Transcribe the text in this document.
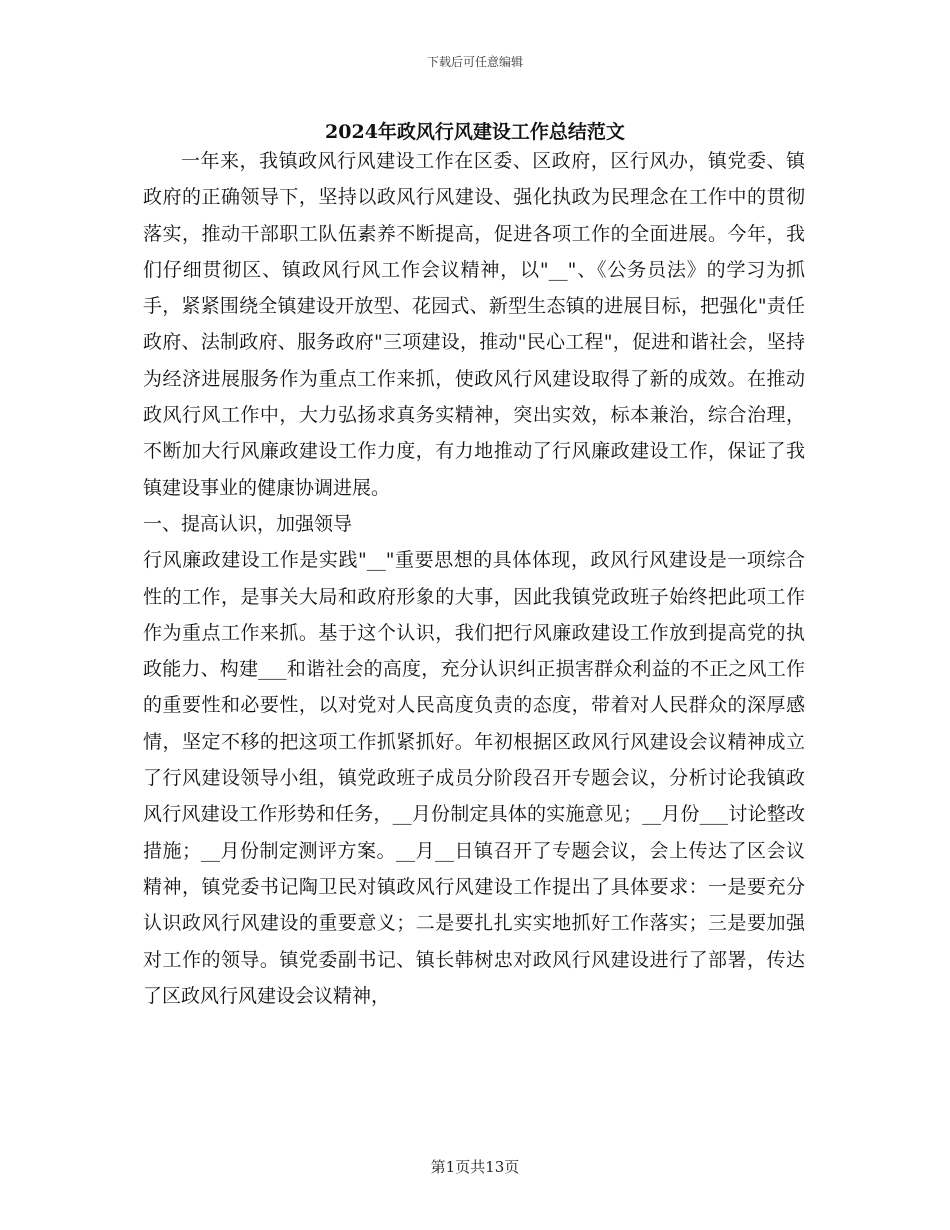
下载后可任意编辑
2024年政风行风建设工作总结范文

一年来，我镇政风行风建设工作在区委、区政府，区行风办，镇党委、镇政府的正确领导下，坚持以政风行风建设、强化执政为民理念在工作中的贯彻落实，推动干部职工队伍素养不断提高，促进各项工作的全面进展。今年，我们仔细贯彻区、镇政风行风工作会议精神，以"__"、《公务员法》的学习为抓手，紧紧围绕全镇建设开放型、花园式、新型生态镇的进展目标，把强化"责任政府、法制政府、服务政府"三项建设，推动"民心工程"，促进和谐社会，坚持为经济进展服务作为重点工作来抓，使政风行风建设取得了新的成效。在推动政风行风工作中，大力弘扬求真务实精神，突出实效，标本兼治，综合治理，不断加大行风廉政建设工作力度，有力地推动了行风廉政建设工作，保证了我镇建设事业的健康协调进展。

一、提高认识，加强领导

行风廉政建设工作是实践"__"重要思想的具体体现，政风行风建设是一项综合性的工作，是事关大局和政府形象的大事，因此我镇党政班子始终把此项工作作为重点工作来抓。基于这个认识，我们把行风廉政建设工作放到提高党的执政能力、构建___和谐社会的高度，充分认识纠正损害群众利益的不正之风工作的重要性和必要性，以对党对人民高度负责的态度，带着对人民群众的深厚感情，坚定不移的把这项工作抓紧抓好。年初根据区政风行风建设会议精神成立了行风建设领导小组，镇党政班子成员分阶段召开专题会议，分析讨论我镇政风行风建设工作形势和任务，__月份制定具体的实施意见；__月份___讨论整改措施；__月份制定测评方案。__月__日镇召开了专题会议，会上传达了区会议精神，镇党委书记陶卫民对镇政风行风建设工作提出了具体要求：一是要充分认识政风行风建设的重要意义；二是要扎扎实实地抓好工作落实；三是要加强对工作的领导。镇党委副书记、镇长韩树忠对政风行风建设进行了部署，传达了区政风行风建设会议精神，

第1页共13页
